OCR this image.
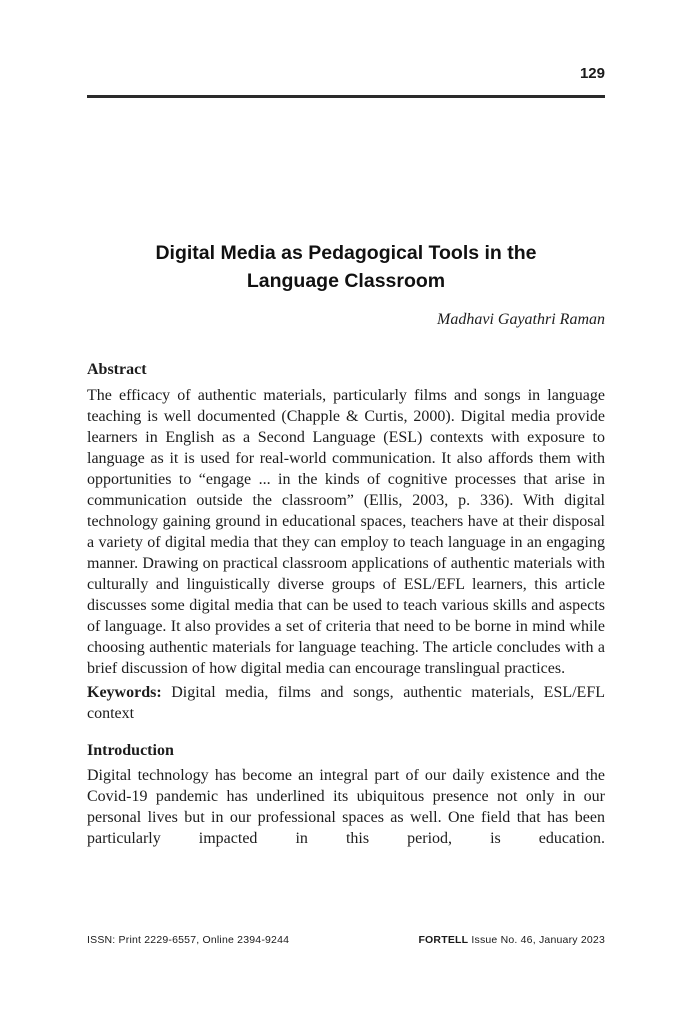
129
Digital Media as Pedagogical Tools in the
Language Classroom
Madhavi Gayathri Raman

Abstract

The efficacy of authentic materials, particularly films and songs in language teaching is well documented (Chapple & Curtis, 2000). Digital media provide learners in English as a Second Language (ESL) contexts with exposure to language as it is used for real-world communication. It also affords them with opportunities to “engage ... in the kinds of cognitive processes that arise in communication outside the classroom” (Ellis, 2003, p. 336). With digital technology gaining ground in educational spaces, teachers have at their disposal a variety of digital media that they can employ to teach language in an engaging manner. Drawing on practical classroom applications of authentic materials with culturally and linguistically diverse groups of ESL/EFL learners, this article discusses some digital media that can be used to teach various skills and aspects of language. It also provides a set of criteria that need to be borne in mind while choosing authentic materials for language teaching. The article concludes with a brief discussion of how digital media can encourage translingual practices.

Keywords: Digital media, films and songs, authentic materials, ESL/EFL context

Introduction

Digital technology has become an integral part of our daily existence and the Covid-19 pandemic has underlined its ubiquitous presence not only in our personal lives but in our professional spaces as well. One field that has been particularly impacted in this period, is education.

ISSN: Print 2229-6557, Online 2394-9244	FORTELL Issue No. 46, January 2023
